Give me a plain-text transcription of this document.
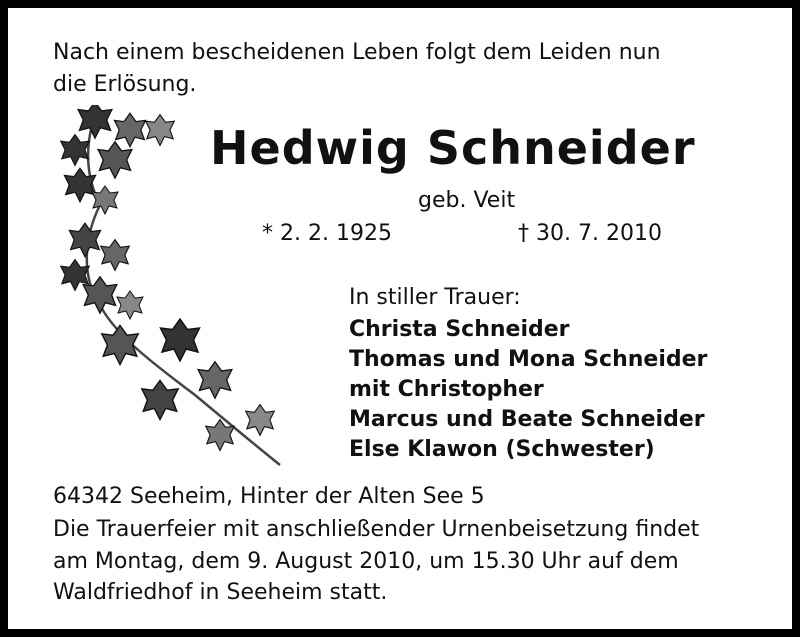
Nach einem bescheidenen Leben folgt dem Leiden nun
die Erlösung.
Hedwig Schneider
geb. Veit
* 2. 2. 1925	† 30. 7. 2010
In stiller Trauer:
Christa Schneider
Thomas und Mona Schneider
mit Christopher
Marcus und Beate Schneider
Else Klawon (Schwester)
64342 Seeheim, Hinter der Alten See 5
Die Trauerfeier mit anschließender Urnenbeisetzung findet
am Montag, dem 9. August 2010, um 15.30 Uhr auf dem
Waldfriedhof in Seeheim statt.
